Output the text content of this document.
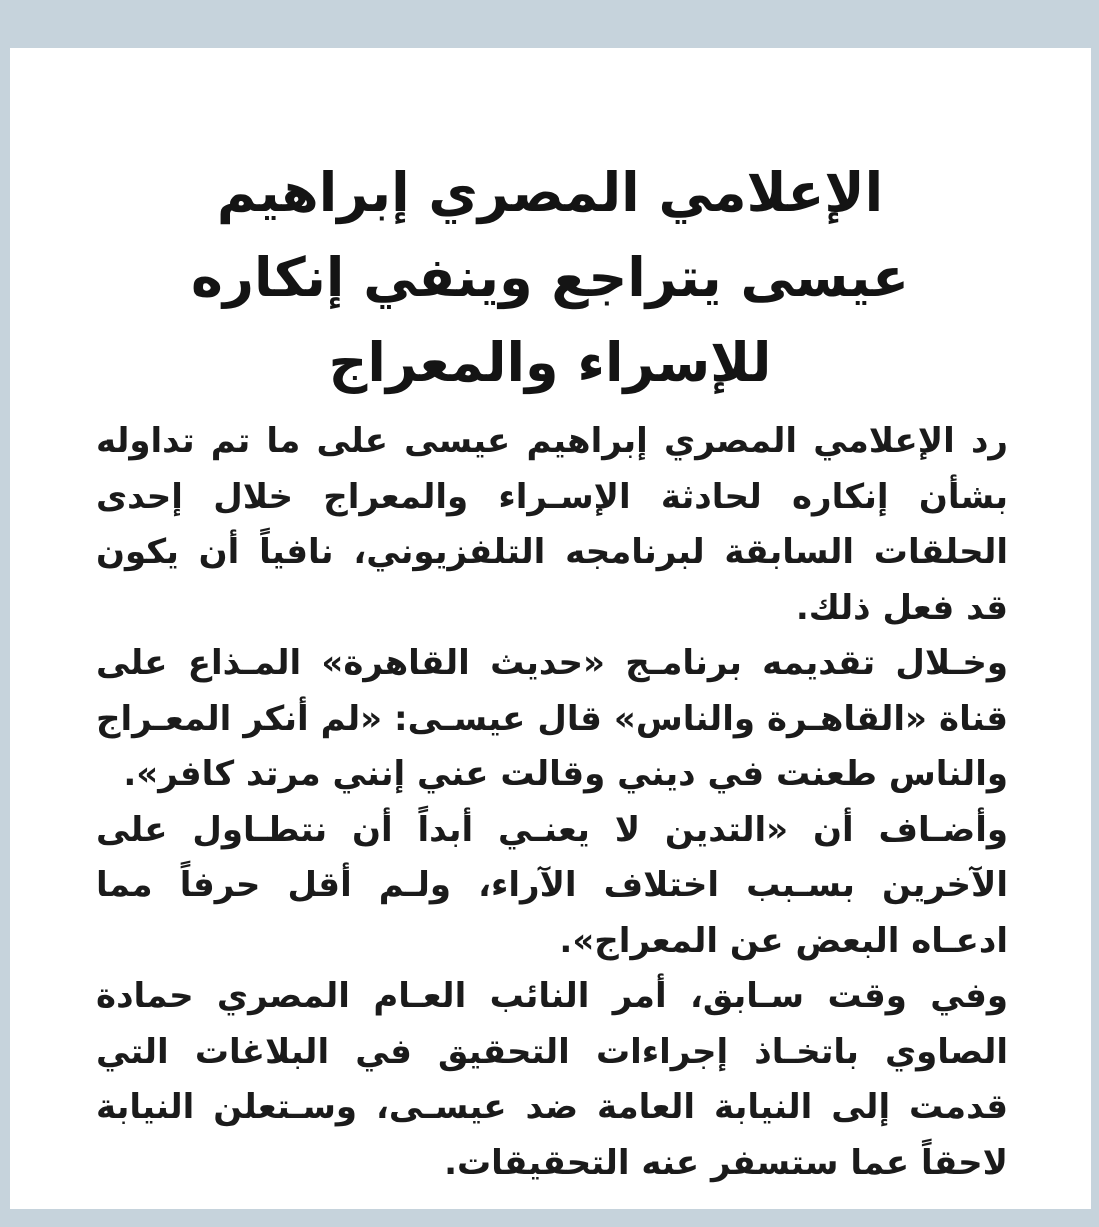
الإعلامي المصري إبراهيم
عيسى يتراجع وينفي إنكاره
للإسراء والمعراج

رد الإعلامي المصري إبراهيم عيسى على ما تم تداوله بشأن إنكاره لحادثة الإسـراء والمعراج خلال إحدى الحلقات السابقة لبرنامجه التلفزيوني، نافياً أن يكون قد فعل ذلك.

وخـلال تقديمه برنامـج «حديث القاهرة» المـذاع على قناة «القاهـرة والناس» قال عيسـى: «لم أنكر المعـراج والناس طعنت في ديني وقالت عني إنني مرتد كافر».

وأضـاف أن «التدين لا يعنـي أبداً أن نتطـاول على الآخرين بسـبب اختلاف الآراء، ولـم أقل حرفاً مما ادعـاه البعض عن المعراج».

وفي وقت سـابق، أمر النائب العـام المصري حمادة الصاوي باتخـاذ إجراءات التحقيق في البلاغات التي قدمت إلى النيابة العامة ضد عيسـى، وسـتعلن النيابة لاحقاً عما ستسفر عنه التحقيقات.
